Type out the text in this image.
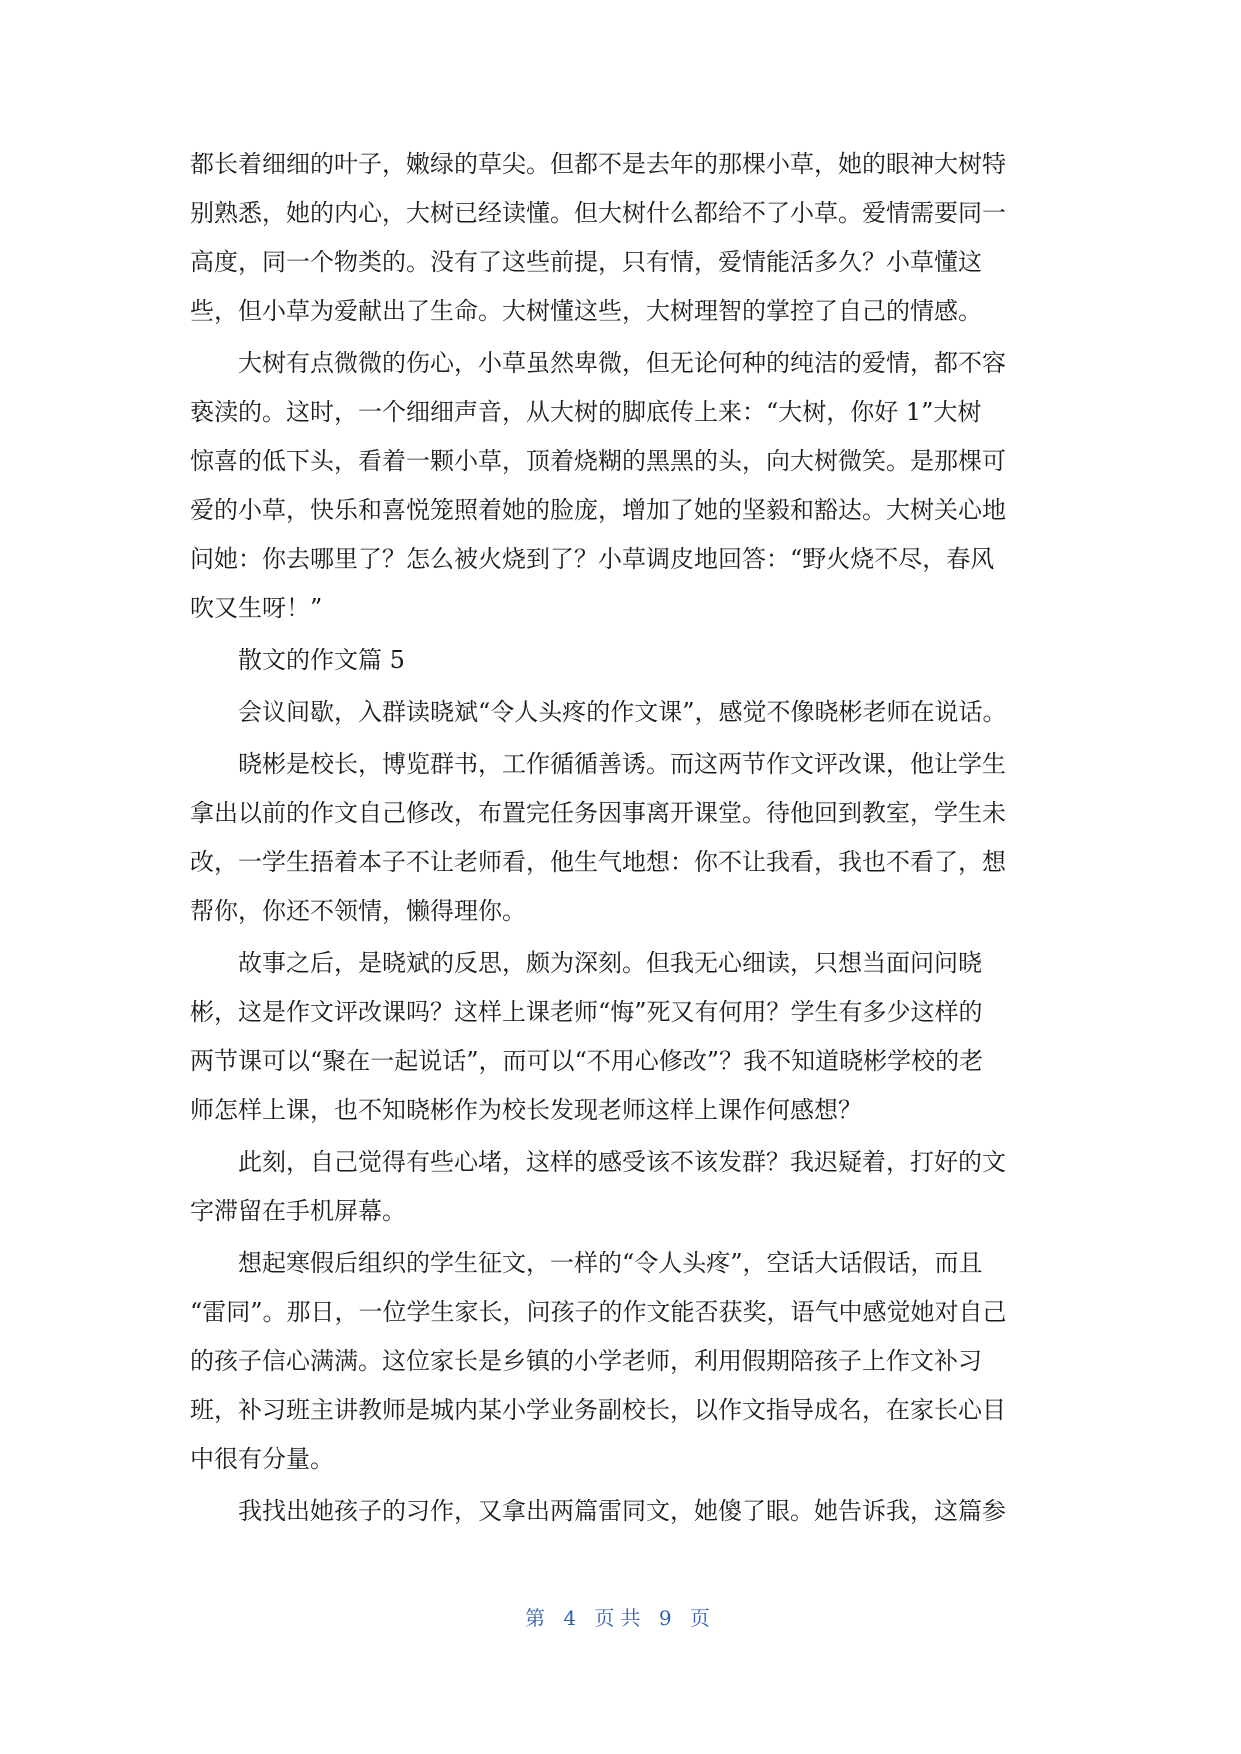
都长着细细的叶子，嫩绿的草尖。但都不是去年的那棵小草，她的眼神大树特
别熟悉，她的内心，大树已经读懂。但大树什么都给不了小草。爱情需要同一
高度，同一个物类的。没有了这些前提，只有情，爱情能活多久？小草懂这
些，但小草为爱献出了生命。大树懂这些，大树理智的掌控了自己的情感。
　　大树有点微微的伤心，小草虽然卑微，但无论何种的纯洁的爱情，都不容
亵渎的。这时，一个细细声音，从大树的脚底传上来：“大树，你好 1”大树
惊喜的低下头，看着一颗小草，顶着烧糊的黑黑的头，向大树微笑。是那棵可
爱的小草，快乐和喜悦笼照着她的脸庞，增加了她的坚毅和豁达。大树关心地
问她：你去哪里了？怎么被火烧到了？小草调皮地回答：“野火烧不尽，春风
吹又生呀！”
　　散文的作文篇 5
　　会议间歇，入群读晓斌“令人头疼的作文课”，感觉不像晓彬老师在说话。
　　晓彬是校长，博览群书，工作循循善诱。而这两节作文评改课，他让学生
拿出以前的作文自己修改，布置完任务因事离开课堂。待他回到教室，学生未
改，一学生捂着本子不让老师看，他生气地想：你不让我看，我也不看了，想
帮你，你还不领情，懒得理你。
　　故事之后，是晓斌的反思，颇为深刻。但我无心细读，只想当面问问晓
彬，这是作文评改课吗？这样上课老师“悔”死又有何用？学生有多少这样的
两节课可以“聚在一起说话”，而可以“不用心修改”？我不知道晓彬学校的老
师怎样上课，也不知晓彬作为校长发现老师这样上课作何感想？
　　此刻，自己觉得有些心堵，这样的感受该不该发群？我迟疑着，打好的文
字滞留在手机屏幕。
　　想起寒假后组织的学生征文，一样的“令人头疼”，空话大话假话，而且
“雷同”。那日，一位学生家长，问孩子的作文能否获奖，语气中感觉她对自己
的孩子信心满满。这位家长是乡镇的小学老师，利用假期陪孩子上作文补习
班，补习班主讲教师是城内某小学业务副校长，以作文指导成名，在家长心目
中很有分量。
　　我找出她孩子的习作，又拿出两篇雷同文，她傻了眼。她告诉我，这篇参
第 4 页共 9 页
